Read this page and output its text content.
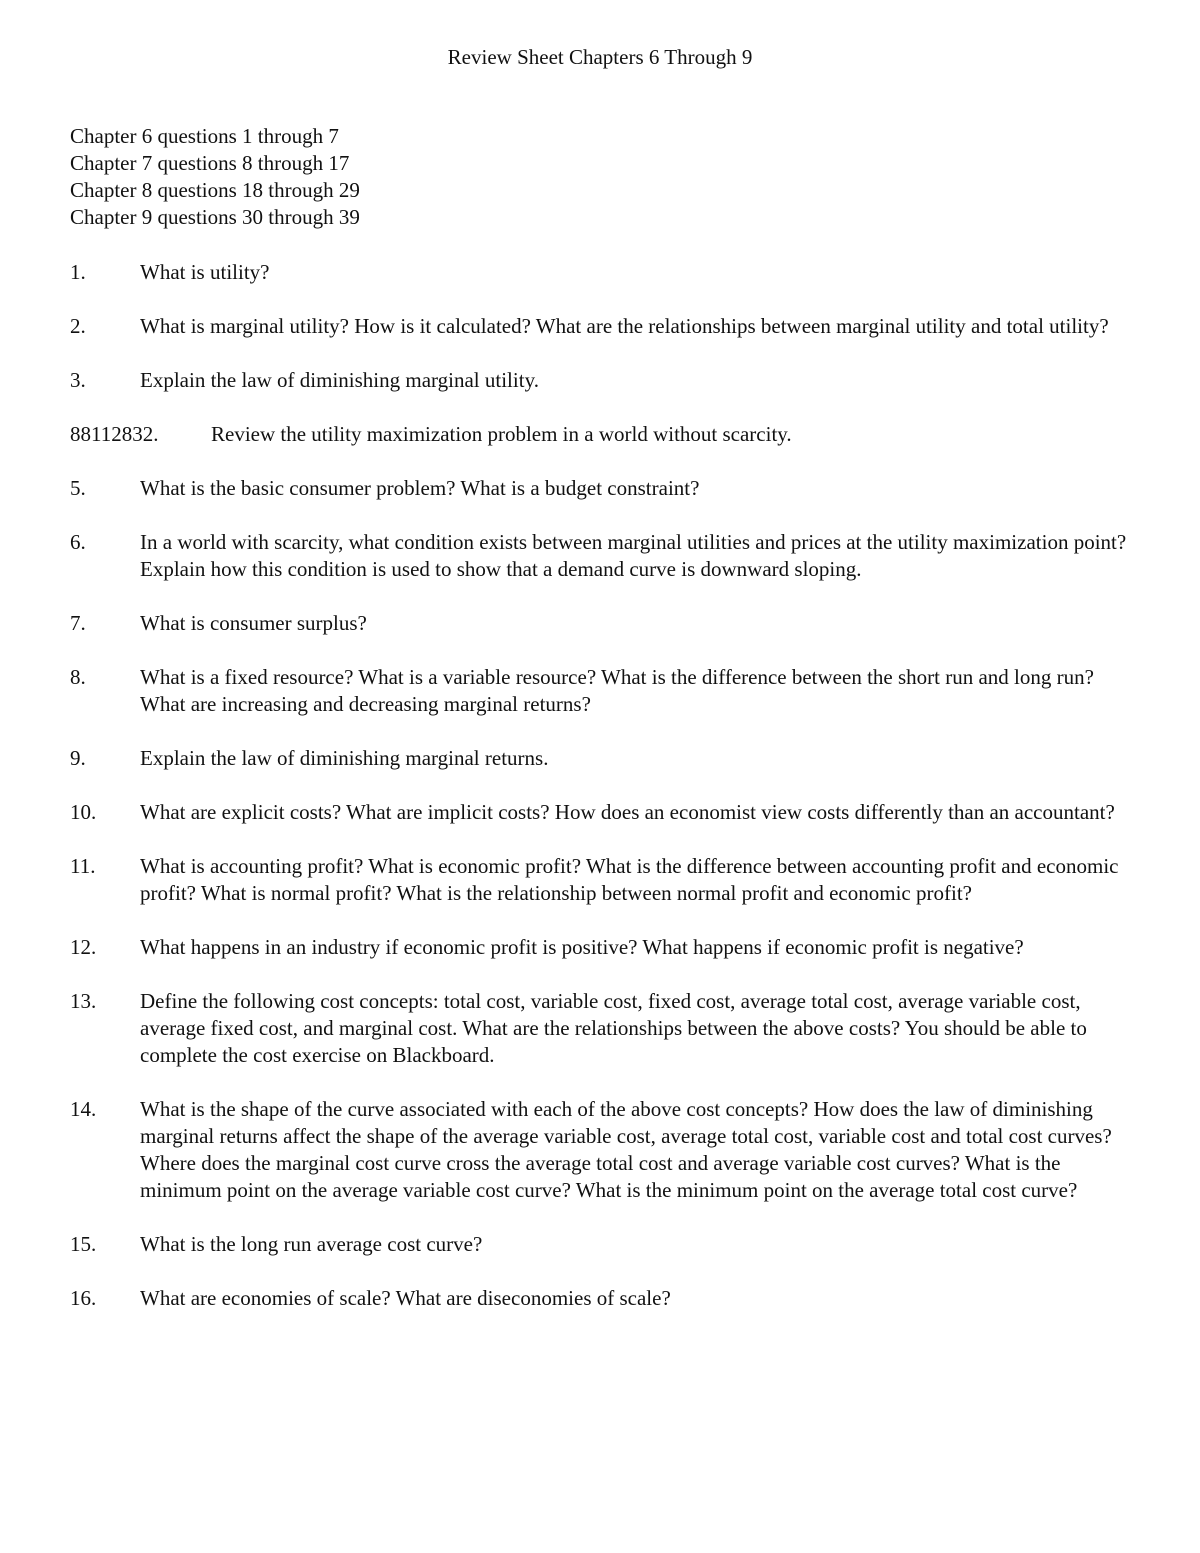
Review Sheet Chapters 6 Through 9
Chapter 6 questions 1 through 7
Chapter 7 questions 8 through 17
Chapter 8 questions 18 through 29
Chapter 9 questions 30 through 39
1.	What is utility?
2.	What is marginal utility? How is it calculated? What are the relationships between marginal utility and total utility?
3.	Explain the law of diminishing marginal utility.
88112832.	Review the utility maximization problem in a world without scarcity.
5.	What is the basic consumer problem? What is a budget constraint?
6.	In a world with scarcity, what condition exists between marginal utilities and prices at the utility maximization point? Explain how this condition is used to show that a demand curve is downward sloping.
7.	What is consumer surplus?
8.	What is a fixed resource? What is a variable resource? What is the difference between the short run and long run? What are increasing and decreasing marginal returns?
9.	Explain the law of diminishing marginal returns.
10.	What are explicit costs? What are implicit costs? How does an economist view costs differently than an accountant?
11.	What is accounting profit? What is economic profit? What is the difference between accounting profit and economic profit? What is normal profit? What is the relationship between normal profit and economic profit?
12.	What happens in an industry if economic profit is positive? What happens if economic profit is negative?
13.	Define the following cost concepts: total cost, variable cost, fixed cost, average total cost, average variable cost, average fixed cost, and marginal cost. What are the relationships between the above costs? You should be able to complete the cost exercise on Blackboard.
14.	What is the shape of the curve associated with each of the above cost concepts? How does the law of diminishing marginal returns affect the shape of the average variable cost, average total cost, variable cost and total cost curves? Where does the marginal cost curve cross the average total cost and average variable cost curves? What is the minimum point on the average variable cost curve? What is the minimum point on the average total cost curve?
15.	What is the long run average cost curve?
16.	What are economies of scale? What are diseconomies of scale?
